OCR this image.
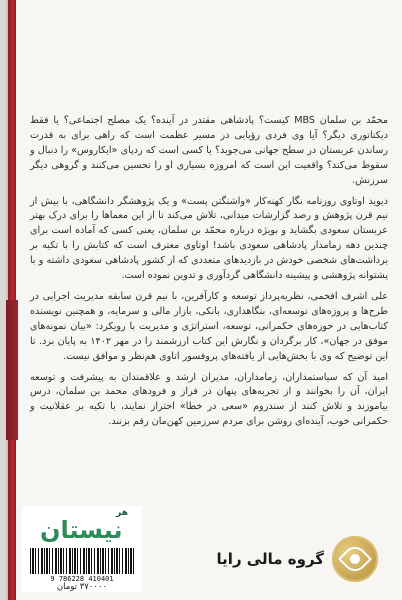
محمّد بن سلمان MBS کیست؟ پادشاهی مقتدر در آینده؟ یک مصلح اجتماعی؟ یا فقط دیکتاتوری دیگر؟ آیا وی فردی رؤیایی در مسیر عظمت است که راهی برای به قدرت رساندن عربستان در سطح جهانی می‌جوید؟ یا کسی است که ردپای «ایکاروس» را دنبال و سقوط می‌کند؟ واقعیت این است که امروزه بسیاری او را تحسین می‌کنند و گروهی دیگر سرزنش.

دیوید اوتاوی روزنامه نگار کهنه‌کار «واشنگتن پست» و یک پژوهشگر دانشگاهی، با بیش از نیم قرن پژوهش و رصد گزارشات میدانی، تلاش می‌کند تا از این معماها را برای درک بهتر عربستان سعودی بگشاید و بویژه درباره محمّد بن سلمان، یعنی کسی که آماده است برای چندین دهه زمامدار پادشاهی سعودی باشد! اوتاوی معترف است که کتابش را با تکیه بر برداشت‌های شخصی خودش در بازدیدهای متعددی که از کشور پادشاهی سعودی داشته و با پشتوانه پژوهشی و پیشینه دانشگاهی گردآوری و تدوین نموده است.

علی اشرف افخمی، نظریه‌پرداز توسعه و کارآفرین، با نیم قرن سابقه مدیریت اجرایی در طرح‌ها و پروژه‌های توسعه‌ای، بنگاهداری، بانکی، بازار مالی و سرمایه، و همچنین نویسنده کتاب‌هایی در حوزه‌های حکمرانی، توسعه، استراتژی و مدیریت با رویکرد: «بیان نمونه‌های موفق در جهان»، کار برگردان و نگارش این کتاب ارزشمند را در مهر ۱۴۰۲ به پایان برد. تا این توضیح که وی با بخش‌هایی از یافته‌های پروفسور اتاوی هم‌نظر و موافق نیست.

امید آن که سیاستمداران، زمامداران، مدیران ارشد و علاقمندان به پیشرفت و توسعه ایران، آن را بخوانند و از تجربه‌های پنهان در فراز و فرودهای محمد بن سلمان، درس بیاموزند و تلاش کنند از سندروم «سعی در خطا» احتراز نمایند، با تکیه بر عقلانیت و حکمرانی خوب، آینده‌ای روشن برای مردم سرزمین کهن‌مان رقم بزنند.

گروه مالی رایا
هر
نیستان
9 786228 410401
۳۷۰۰۰۰ تومان
